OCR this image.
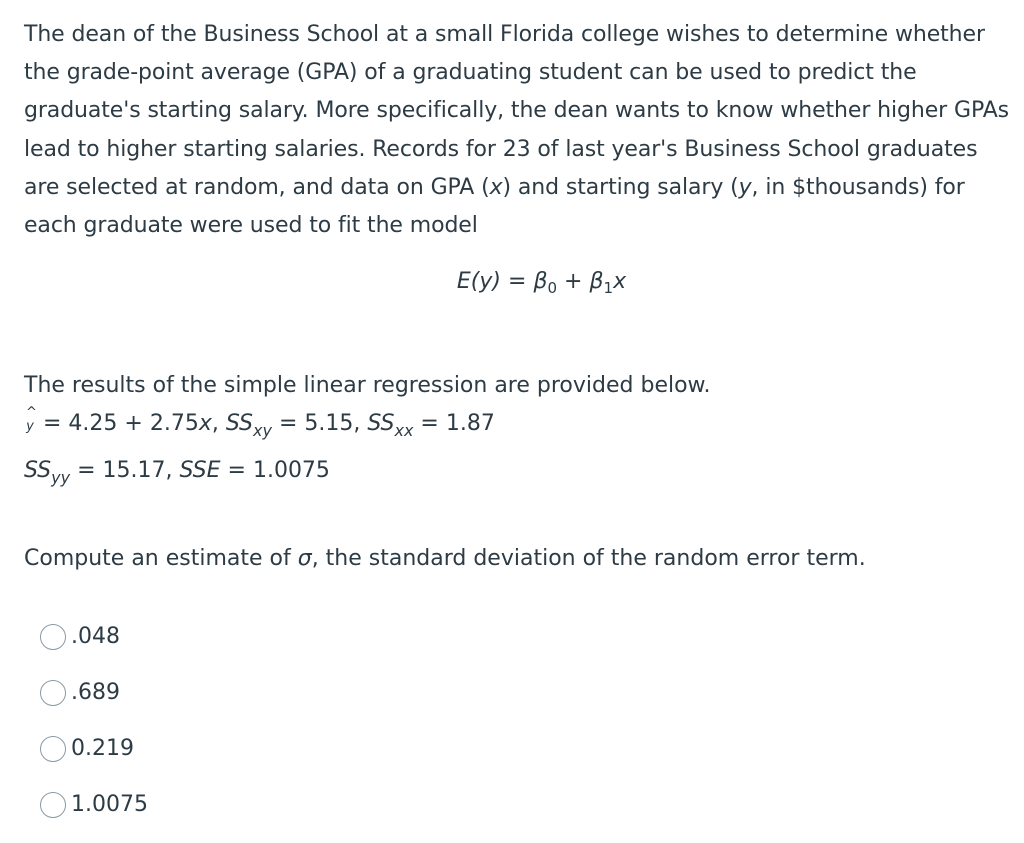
The dean of the Business School at a small Florida college wishes to determine whether the grade-point average (GPA) of a graduating student can be used to predict the graduate's starting salary. More specifically, the dean wants to know whether higher GPAs lead to higher starting salaries. Records for 23 of last year's Business School graduates are selected at random, and data on GPA (x) and starting salary (y, in $thousands) for each graduate were used to fit the model

$E(y) = \beta_0 + \beta_1x$

The results of the simple linear regression are provided below.

^ y = 4.25 + 2.75x, $SS_{xy} = 5.15$, $SS_{xx} = 1.87$

$SS_{yy} = 15.17$, SSE = 1.0075

Compute an estimate of σ, the standard deviation of the random error term.

.048
.689
0.219
1.0075
